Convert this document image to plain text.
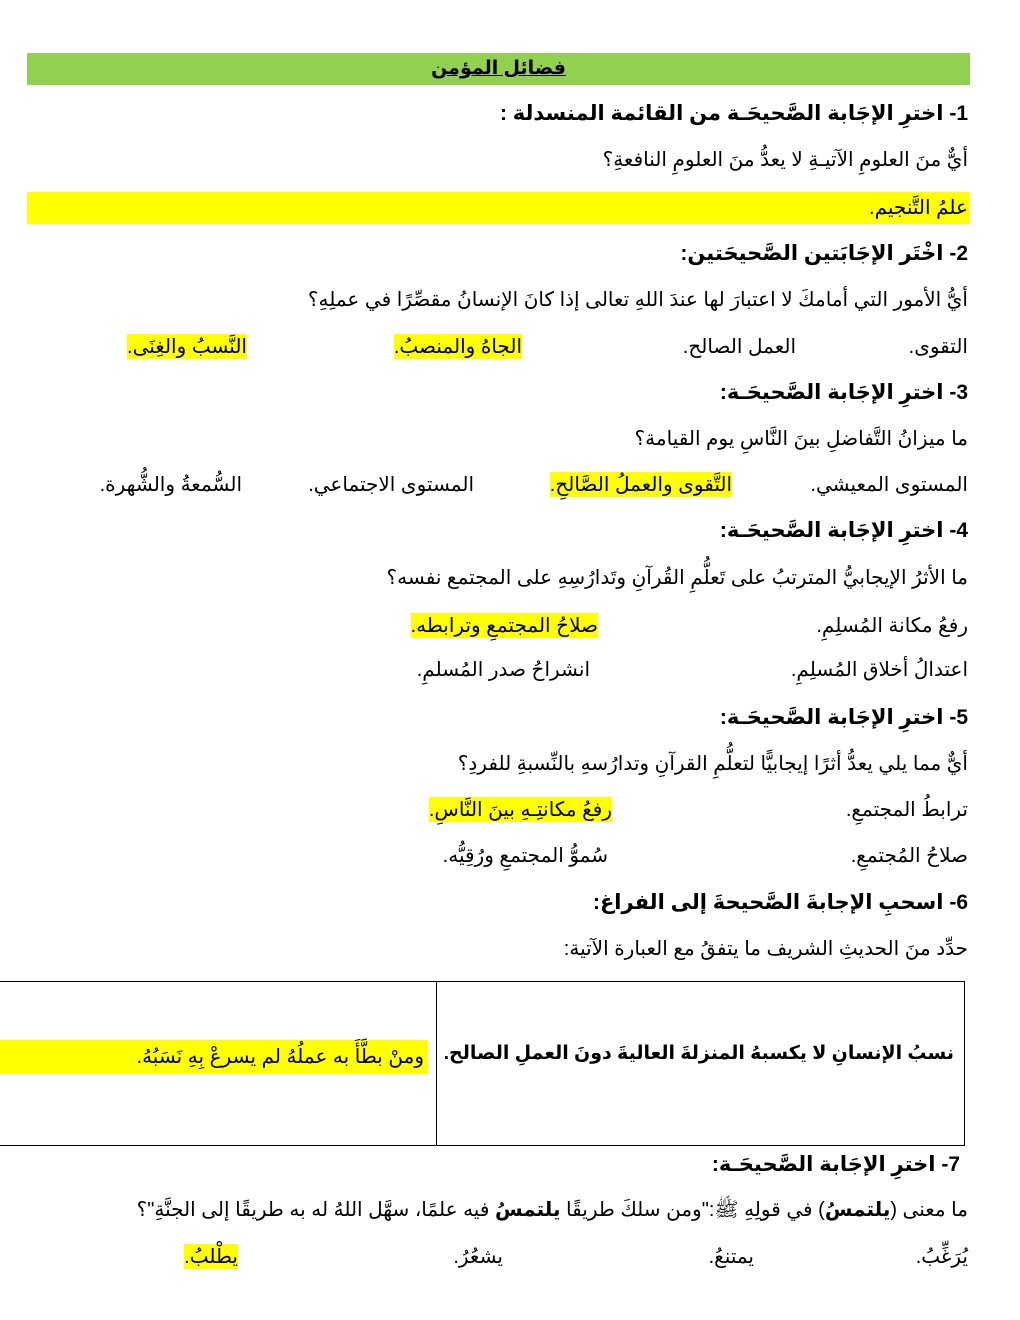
فضائل المؤمن
1- اخترِ الإجَابة الصَّحيحَـة من القائمة المنسدلة :
أيٌّ منَ العلومِ الآتيـةِ لا يعدُّ منَ العلومِ النافعةِ؟
علمُ التَّنجيم.
2- اخْتَر الإجَابَتين الصَّحيحَتين:
أيُّ الأمور التي أمامكَ لا اعتبارَ لها عندَ اللهِ تعالى إذا كانَ الإنسانُ مقصِّرًا في عملِهِ؟
التقوى.
العمل الصالح.
الجاهُ والمنصبُ.
النَّسبُ والغِنَى.
3- اخترِ الإجَابة الصَّحيحَـة:
ما ميزانُ التَّفاضلِ بينَ النَّاسِ يوم القيامة؟
المستوى المعيشي.
التَّقوى والعملُ الصَّالحِ.
المستوى الاجتماعي.
السُّمعةُ والشُّهرة.
4- اخترِ الإجَابة الصَّحيحَـة:
ما الأثرُ الإيجابيُّ المترتبُ على تَعلُّمِ القُرآنِ وتَدارُسِهِ على المجتمع نفسه؟
رفعُ مكانة المُسلِمِ.
صلاحُ المجتمعِ وترابطه.
اعتدالُ أخلاق المُسلِمِ.
انشراحُ صدر المُسلمِ.
5- اخترِ الإجَابة الصَّحيحَـة:
أيٌّ مما يلي يعدُّ أثرًا إيجابيًّا لتعلُّمِ القرآنِ وتدارُسهِ بالنِّسبةِ للفردِ؟
ترابطُ المجتمعِ.
رفعُ مكانتِـهِ بينَ النَّاسِ.
صلاحُ المُجتمعِ.
سُموُّ المجتمعِ ورُقِيُّه.
6- اسحبِ الإجابةَ الصَّحيحةَ إلى الفراغ:
حدِّد منَ الحديثِ الشريف ما يتفقُ مع العبارة الآتية:
نسبُ الإنسانِ لا يكسبهُ المنزلةَ العاليةَ دونَ العملِ الصالح.
ومنْ بطَّأَ به عملُهُ لم يسرعْ بِهِ نَسَبُهُ.
7- اخترِ الإجَابة الصَّحيحَـة:
ما معنى (يلتمسُ) في قولِهِ ﷺ:"ومن سلكَ طريقًا يلتمسُ فيه علمًا، سهَّل اللهُ له به طريقًا إلى الجنَّةِ"؟
يُرَغِّبُ.
يمتنعُ.
يشعُرُ.
يطْلبُ.
